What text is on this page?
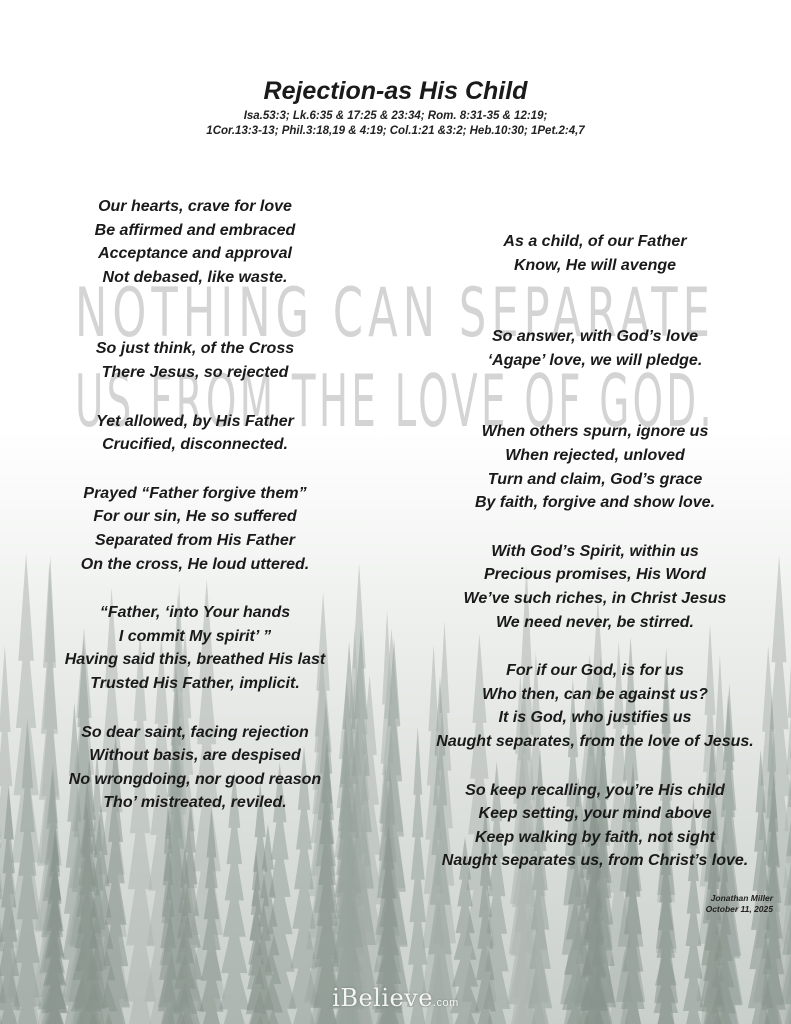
NOTHING CAN SEPARATE
US FROM THE LOVE OF GOD.
Rejection-as His Child
Isa.53:3; Lk.6:35 & 17:25 & 23:34; Rom. 8:31-35 & 12:19;
1Cor.13:3-13; Phil.3:18,19 & 4:19; Col.1:21 &3:2; Heb.10:30; 1Pet.2:4,7
Our hearts, crave for love
Be affirmed and embraced
Acceptance and approval
Not debased, like waste.
So just think, of the Cross
There Jesus, so rejected
Yet allowed, by His Father
Crucified, disconnected.
Prayed “Father forgive them”
For our sin, He so suffered
Separated from His Father
On the cross, He loud uttered.
“Father, ‘into Your hands
I commit My spirit’ ”
Having said this, breathed His last
Trusted His Father, implicit.
So dear saint, facing rejection
Without basis, are despised
No wrongdoing, nor good reason
Tho’ mistreated, reviled.
As a child, of our Father
Know, He will avenge
So answer, with God’s love
‘Agape’ love, we will pledge.
When others spurn, ignore us
When rejected, unloved
Turn and claim, God’s grace
By faith, forgive and show love.
With God’s Spirit, within us
Precious promises, His Word
We’ve such riches, in Christ Jesus
We need never, be stirred.
For if our God, is for us
Who then, can be against us?
It is God, who justifies us
Naught separates, from the love of Jesus.
So keep recalling, you’re His child
Keep setting, your mind above
Keep walking by faith, not sight
Naught separates us, from Christ’s love.
Jonathan Miller
October 11, 2025
iBelieve.com
